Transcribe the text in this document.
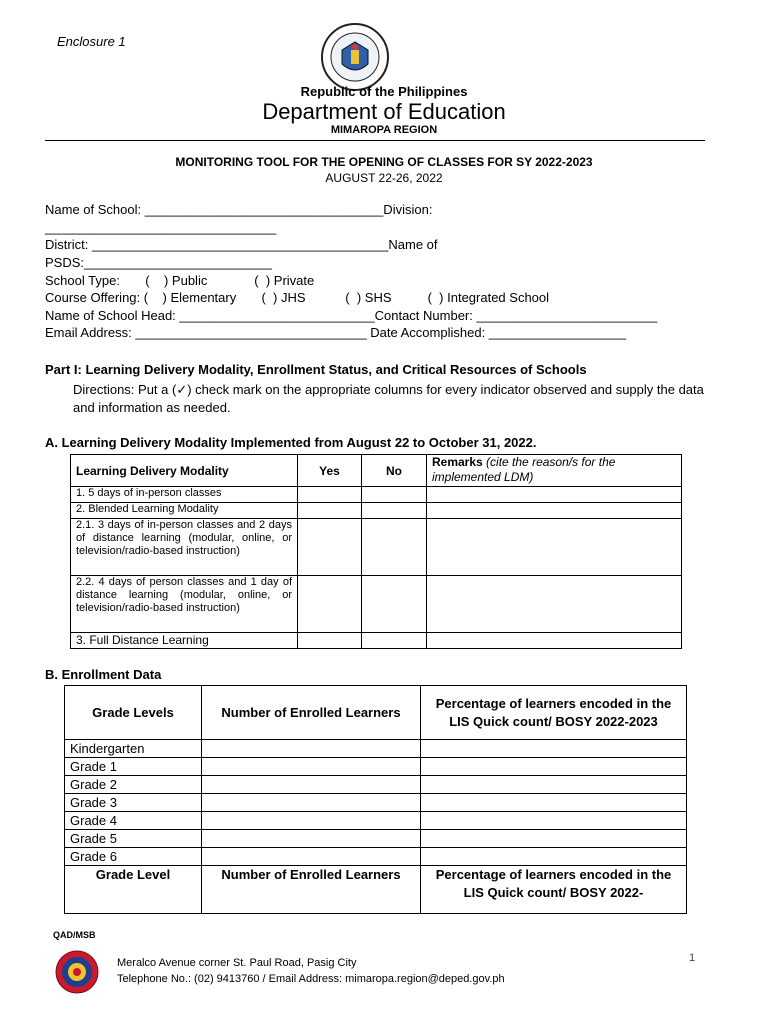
Enclosure 1
Republic of the Philippines
Department of Education
MIMAROPA REGION
MONITORING TOOL FOR THE OPENING OF CLASSES FOR SY 2022-2023
AUGUST 22-26, 2022
Name of School: _________________________________Division:
________________________________
District: _________________________________________Name of
PSDS:__________________________
School Type:       (    ) Public             (  ) Private
Course Offering: (    ) Elementary       (  ) JHS           (  ) SHS          (  ) Integrated School
Name of School Head: ___________________________Contact Number: _________________________
Email Address: ________________________________ Date Accomplished: ___________________
Part I: Learning Delivery Modality, Enrollment Status, and Critical Resources of Schools
Directions: Put a (✓) check mark on the appropriate columns for every indicator observed and supply the data and information as needed.
A. Learning Delivery Modality Implemented from August 22 to October 31, 2022.
Learning Delivery Modality	Yes	No	Remarks (cite the reason/s for the implemented LDM)
1. 5 days of in-person classes			
2. Blended Learning Modality			
2.1. 3 days of in-person classes and 2 days of distance learning (modular, online, or television/radio-based instruction)			
2.2. 4 days of person classes and 1 day of distance learning (modular, online, or television/radio-based instruction)			
3. Full Distance Learning			
B. Enrollment Data
Grade Levels	Number of Enrolled Learners	Percentage of learners encoded in the LIS Quick count/ BOSY 2022-2023
Kindergarten		
Grade 1		
Grade 2		
Grade 3		
Grade 4		
Grade 5		
Grade 6		
Grade Level	Number of Enrolled Learners	Percentage of learners encoded in the LIS Quick count/ BOSY 2022-
QAD/MSB
Meralco Avenue corner St. Paul Road, Pasig City
Telephone No.: (02) 9413760 / Email Address: mimaropa.region@deped.gov.ph
1
